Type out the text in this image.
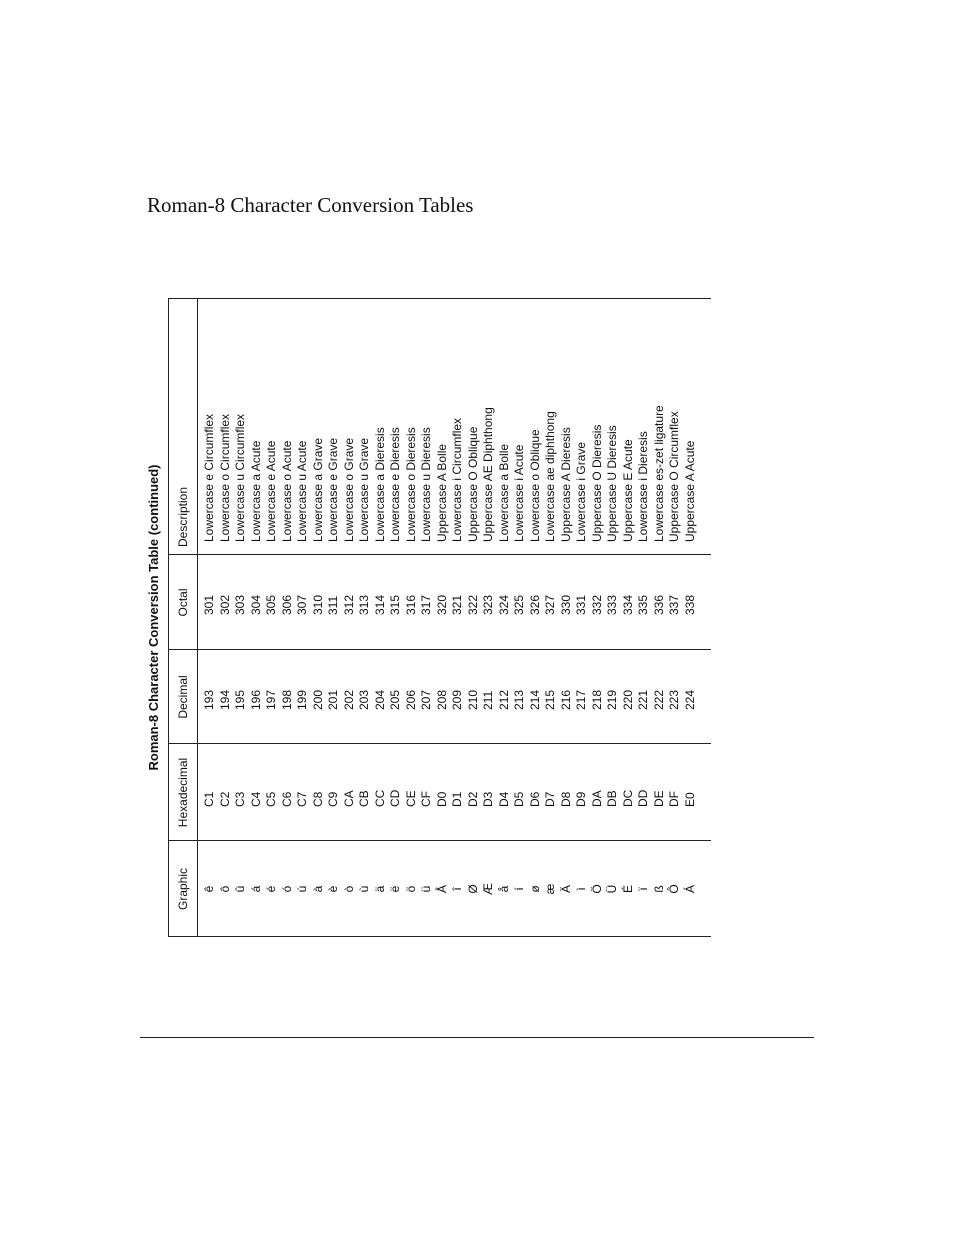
Roman-8 Character Conversion Tables
Roman-8 Character Conversion Table (continued)
Graphic
Hexadecimal
Decimal
Octal
Description
ê
C1
193
301
Lowercase e Circumflex
ô
C2
194
302
Lowercase o Circumflex
û
C3
195
303
Lowercase u Circumflex
á
C4
196
304
Lowercase a Acute
é
C5
197
305
Lowercase e Acute
ó
C6
198
306
Lowercase o Acute
ú
C7
199
307
Lowercase u Acute
à
C8
200
310
Lowercase a Grave
è
C9
201
311
Lowercase e Grave
ò
CA
202
312
Lowercase o Grave
ù
CB
203
313
Lowercase u Grave
ä
CC
204
314
Lowercase a Dieresis
ë
CD
205
315
Lowercase e Dieresis
ö
CE
206
316
Lowercase o Dieresis
ü
CF
207
317
Lowercase u Dieresis
Å
D0
208
320
Uppercase A Bolle
î
D1
209
321
Lowercase i Circumflex
Ø
D2
210
322
Uppercase O Oblique
Æ
D3
211
323
Uppercase AE Diphthong
å
D4
212
324
Lowercase a Bolle
í
D5
213
325
Lowercase i Acute
ø
D6
214
326
Lowercase o Oblique
æ
D7
215
327
Lowercase ae diphthong
Ä
D8
216
330
Uppercase A Dieresis
ì
D9
217
331
Lowercase i Grave
Ö
DA
218
332
Uppercase O Dieresis
Ü
DB
219
333
Uppercase U Dieresis
É
DC
220
334
Uppercase E Acute
ï
DD
221
335
Lowercase i Dieresis
ß
DE
222
336
Lowercase es-zet ligature
Ô
DF
223
337
Uppercase O Circumflex
Á
E0
224
338
Uppercase A Acute
